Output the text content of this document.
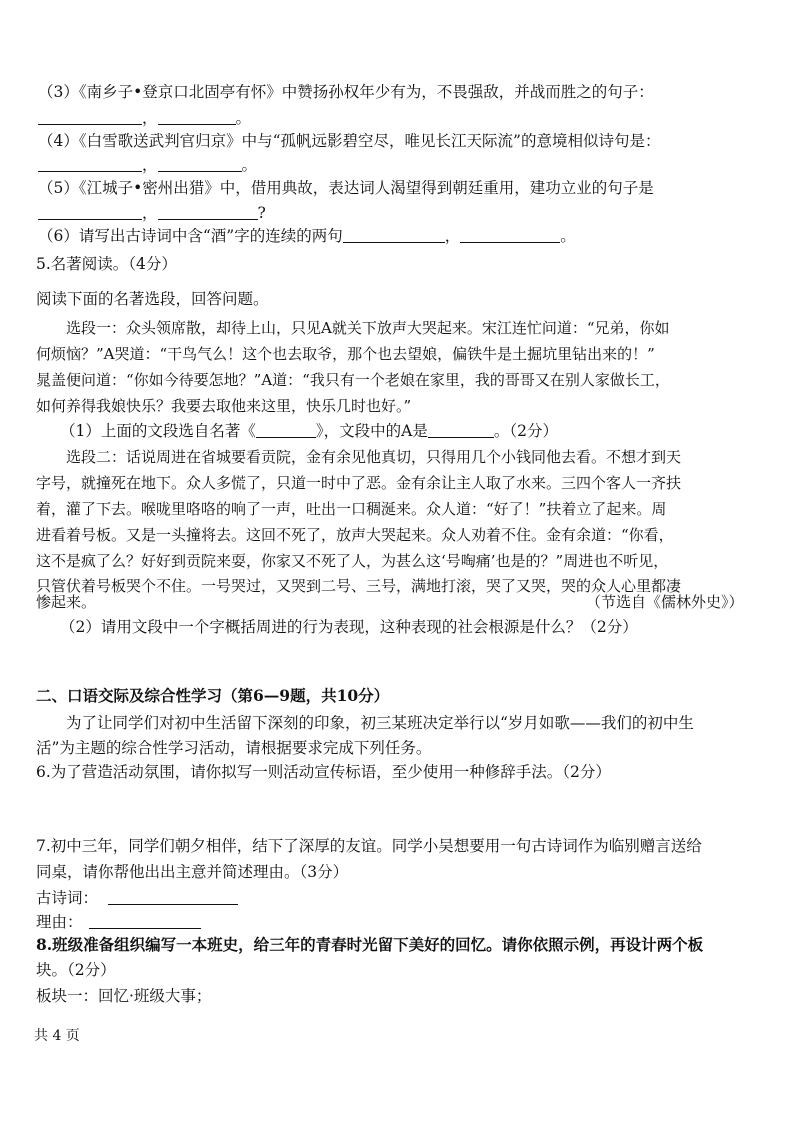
（3）《南乡子•登京口北固亭有怀》中赞扬孙权年少有为，不畏强敌，并战而胜之的句子：
，	。
（4）《白雪歌送武判官归京》中与“孤帆远影碧空尽，唯见长江天际流”的意境相似诗句是：
，	。
（5）《江城子•密州出猎》中，借用典故，表达词人渴望得到朝廷重用，建功立业的句子是
，	?
（6）请写出古诗词中含“酒”字的连续的两句	，	。
5.名著阅读。（4分）
阅读下面的名著选段，回答问题。
选段一：众头领席散，却待上山，只见A就关下放声大哭起来。宋江连忙问道：“兄弟，你如
何烦恼？”A哭道：“干鸟气么！这个也去取爷，那个也去望娘，偏铁牛是土掘坑里钻出来的！”
晁盖便问道：“你如今待要怎地？”A道：“我只有一个老娘在家里，我的哥哥又在别人家做长工，
如何养得我娘快乐？我要去取他来这里，快乐几时也好。”
（1）上面的文段选自名著《	》，文段中的A是	。（2分）
选段二：话说周进在省城要看贡院，金有余见他真切，只得用几个小钱同他去看。不想才到天
字号，就撞死在地下。众人多慌了，只道一时中了恶。金有余让主人取了水来。三四个客人一齐扶
着，灌了下去。喉咙里咯咯的响了一声，吐出一口稠涎来。众人道：“好了！”扶着立了起来。周
进看着号板。又是一头撞将去。这回不死了，放声大哭起来。众人劝着不住。金有余道：“你看，
这不是疯了么？好好到贡院来耍，你家又不死了人，为甚么这‘号啕痛’也是的？”周进也不听见，
只管伏着号板哭个不住。一号哭过，又哭到二号、三号，满地打滚，哭了又哭，哭的众人心里都凄
惨起来。	（节选自《儒林外史》）
（2）请用文段中一个字概括周进的行为表现，这种表现的社会根源是什么？（2分）
二、口语交际及综合性学习（第6—9题，共10分）
为了让同学们对初中生活留下深刻的印象，初三某班决定举行以“岁月如歌——我们的初中生
活”为主题的综合性学习活动，请根据要求完成下列任务。
6.为了营造活动氛围，请你拟写一则活动宣传标语，至少使用一种修辞手法。（2分）
7.初中三年，同学们朝夕相伴，结下了深厚的友谊。同学小吴想要用一句古诗词作为临别赠言送给
同桌，请你帮他出出主意并简述理由。（3分）
古诗词：
理由：
8.班级准备组织编写一本班史，给三年的青春时光留下美好的回忆。请你依照示例，再设计两个板
块。（2分）
板块一：回忆·班级大事；
共 4 页
